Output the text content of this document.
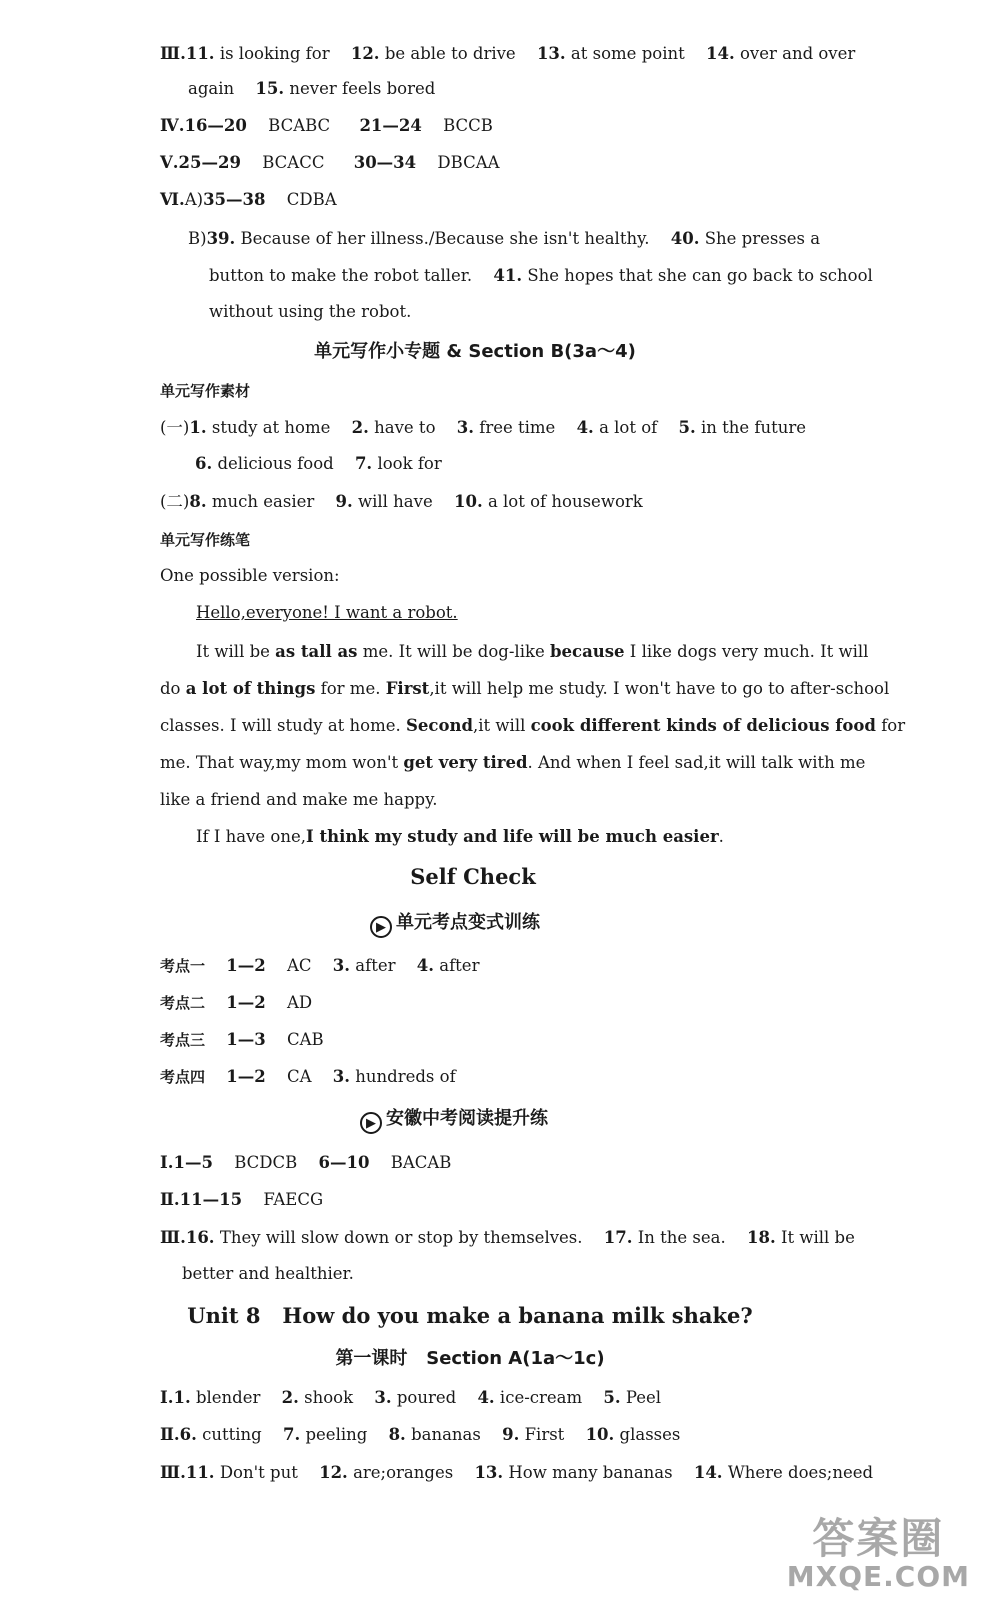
Ⅲ.11. is looking for 12. be able to drive 13. at some point 14. over and over
again 15. never feels bored
Ⅳ.16—20 BCABC 21—24 BCCB
Ⅴ.25—29 BCACC 30—34 DBCAA
Ⅵ.A)35—38 CDBA
B)39. Because of her illness./Because she isn't healthy. 40. She presses a
button to make the robot taller. 41. She hopes that she can go back to school
without using the robot.
单元写作小专题 & Section B(3a～4)
单元写作素材
(一)1. study at home 2. have to 3. free time 4. a lot of 5. in the future
6. delicious food 7. look for
(二)8. much easier 9. will have 10. a lot of housework
单元写作练笔
One possible version:
Hello,everyone! I want a robot.
It will be as tall as me. It will be dog-like because I like dogs very much. It will
do a lot of things for me. First,it will help me study. I won't have to go to after-school
classes. I will study at home. Second,it will cook different kinds of delicious food for
me. That way,my mom won't get very tired. And when I feel sad,it will talk with me
like a friend and make me happy.
If I have one,I think my study and life will be much easier.
Self Check
▶ 单元考点变式训练
考点一 1—2 AC 3. after 4. after
考点二 1—2 AD
考点三 1—3 CAB
考点四 1—2 CA 3. hundreds of
▶ 安徽中考阅读提升练
Ⅰ.1—5 BCDCB 6—10 BACAB
Ⅱ.11—15 FAECG
Ⅲ.16. They will slow down or stop by themselves. 17. In the sea. 18. It will be
better and healthier.
Unit 8   How do you make a banana milk shake?
第一课时   Section A(1a～1c)
Ⅰ.1. blender 2. shook 3. poured 4. ice-cream 5. Peel
Ⅱ.6. cutting 7. peeling 8. bananas 9. First 10. glasses
Ⅲ.11. Don't put 12. are;oranges 13. How many bananas 14. Where does;need
答案圈
MXQE.COM
